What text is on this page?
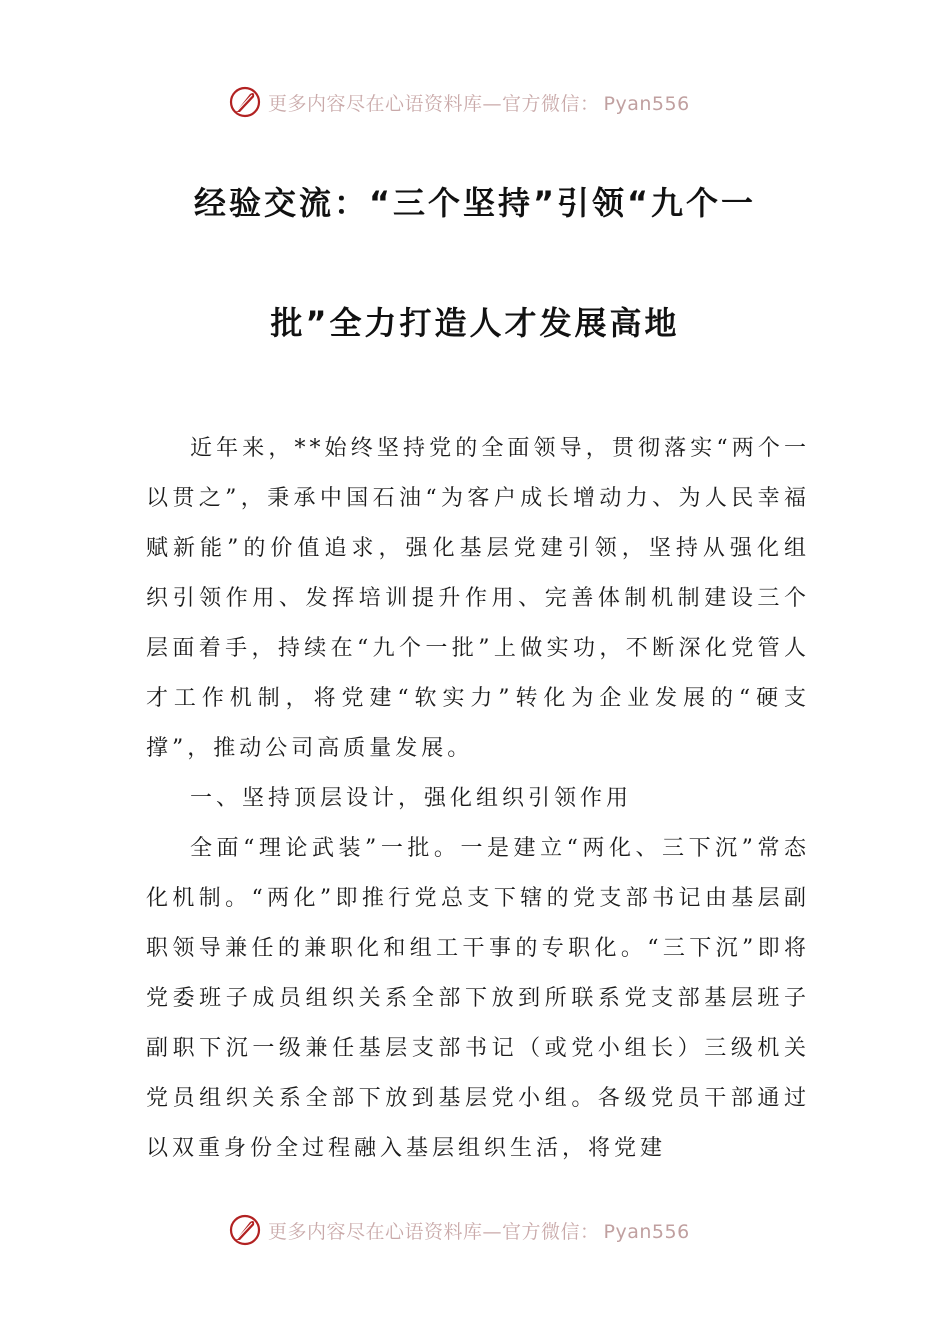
更多内容尽在心语资料库—官方微信： Pyan556
经验交流：“三个坚持”引领“九个一
批”全力打造人才发展高地

近年来，**始终坚持党的全面领导，贯彻落实“两个一以贯之”，秉承中国石油“为客户成长增动力、为人民幸福赋新能”的价值追求，强化基层党建引领，坚持从强化组织引领作用、发挥培训提升作用、完善体制机制建设三个层面着手，持续在“九个一批”上做实功，不断深化党管人才工作机制，将党建“软实力”转化为企业发展的“硬支撑”，推动公司高质量发展。

一、坚持顶层设计，强化组织引领作用

全面“理论武装”一批。一是建立“两化、三下沉”常态化机制。“两化”即推行党总支下辖的党支部书记由基层副职领导兼任的兼职化和组工干事的专职化。“三下沉”即将党委班子成员组织关系全部下放到所联系党支部基层班子副职下沉一级兼任基层支部书记（或党小组长）三级机关党员组织关系全部下放到基层党小组。各级党员干部通过以双重身份全过程融入基层组织生活，将党建

更多内容尽在心语资料库—官方微信： Pyan556
